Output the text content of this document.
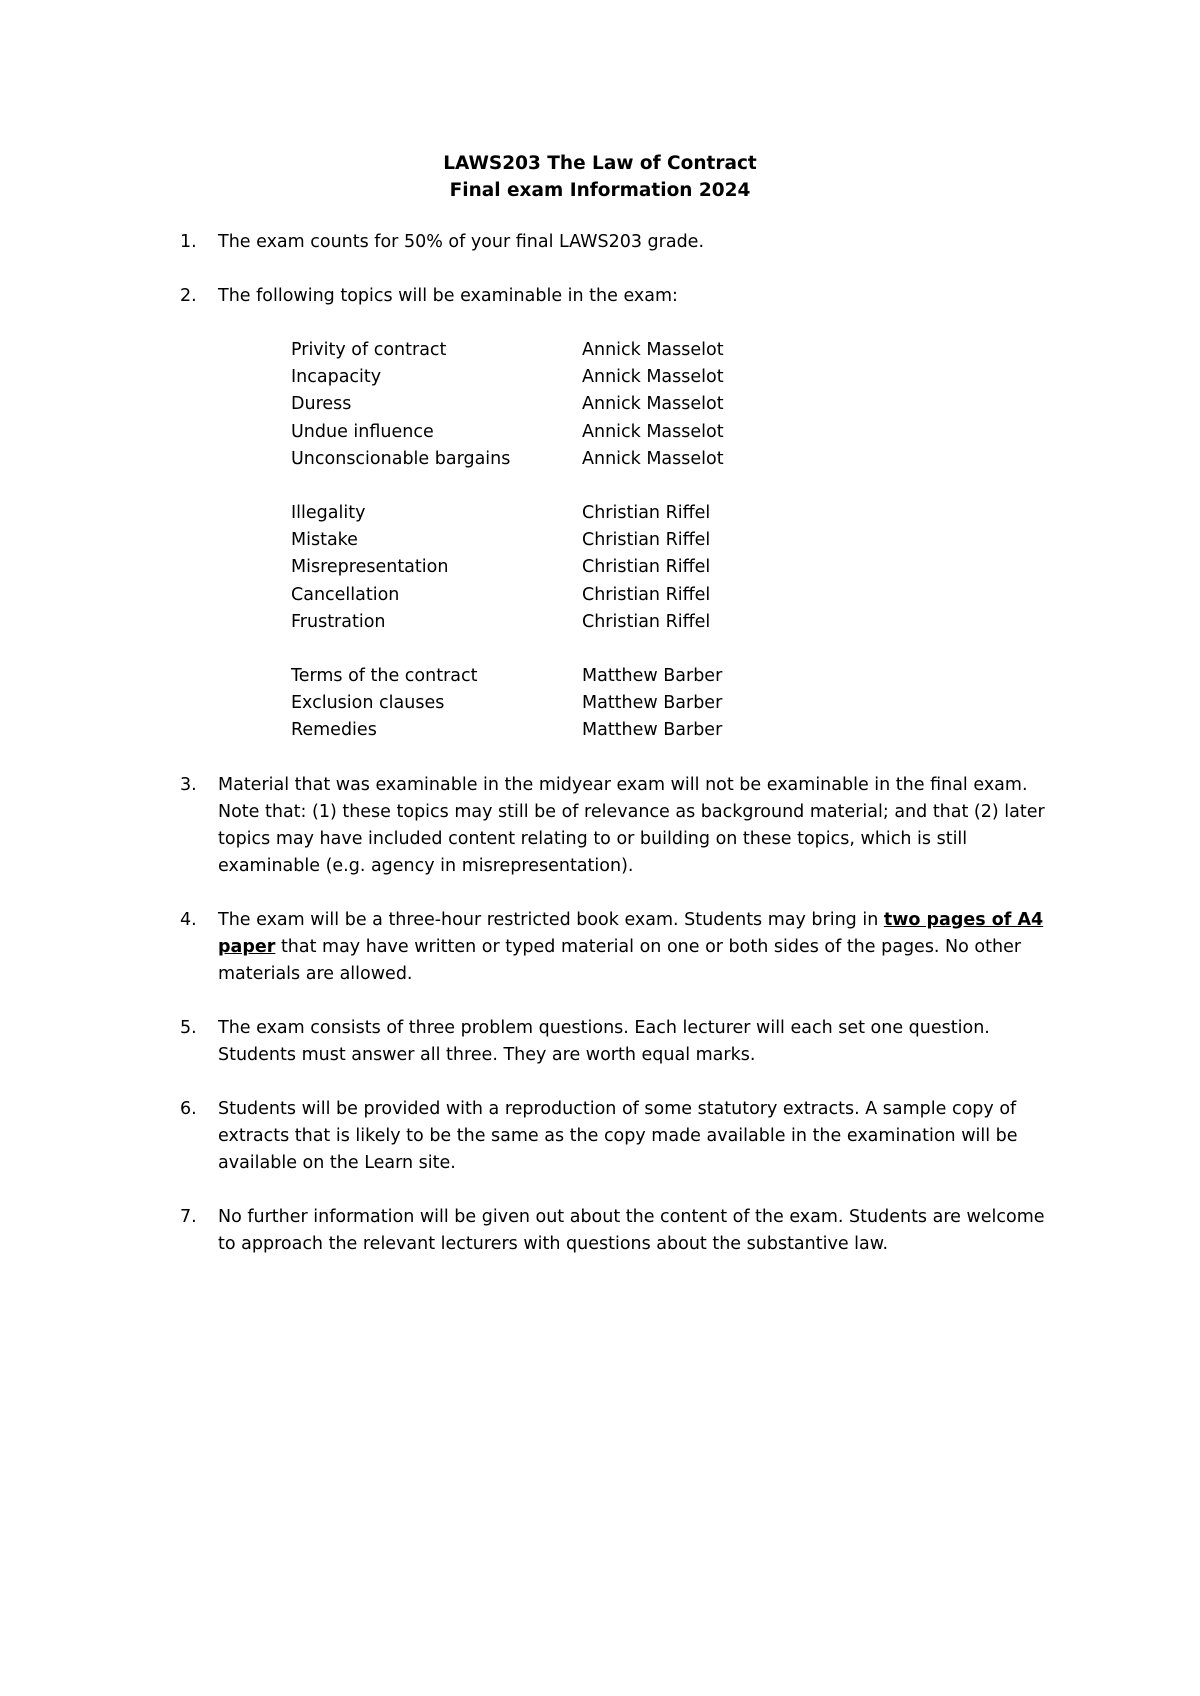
LAWS203 The Law of Contract
Final exam Information 2024
1.	The exam counts for 50% of your final LAWS203 grade.
2.	The following topics will be examinable in the exam:
Privity of contract	Annick Masselot
Incapacity	Annick Masselot
Duress	Annick Masselot
Undue influence	Annick Masselot
Unconscionable bargains	Annick Masselot
Illegality	Christian Riffel
Mistake	Christian Riffel
Misrepresentation	Christian Riffel
Cancellation	Christian Riffel
Frustration	Christian Riffel
Terms of the contract	Matthew Barber
Exclusion clauses	Matthew Barber
Remedies	Matthew Barber
3.	Material that was examinable in the midyear exam will not be examinable in the final exam. Note that: (1) these topics may still be of relevance as background material; and that (2) later topics may have included content relating to or building on these topics, which is still examinable (e.g. agency in misrepresentation).
4.	The exam will be a three-hour restricted book exam. Students may bring in two pages of A4 paper that may have written or typed material on one or both sides of the pages. No other materials are allowed.
5.	The exam consists of three problem questions. Each lecturer will each set one question. Students must answer all three. They are worth equal marks.
6.	Students will be provided with a reproduction of some statutory extracts. A sample copy of extracts that is likely to be the same as the copy made available in the examination will be available on the Learn site.
7.	No further information will be given out about the content of the exam. Students are welcome to approach the relevant lecturers with questions about the substantive law.
